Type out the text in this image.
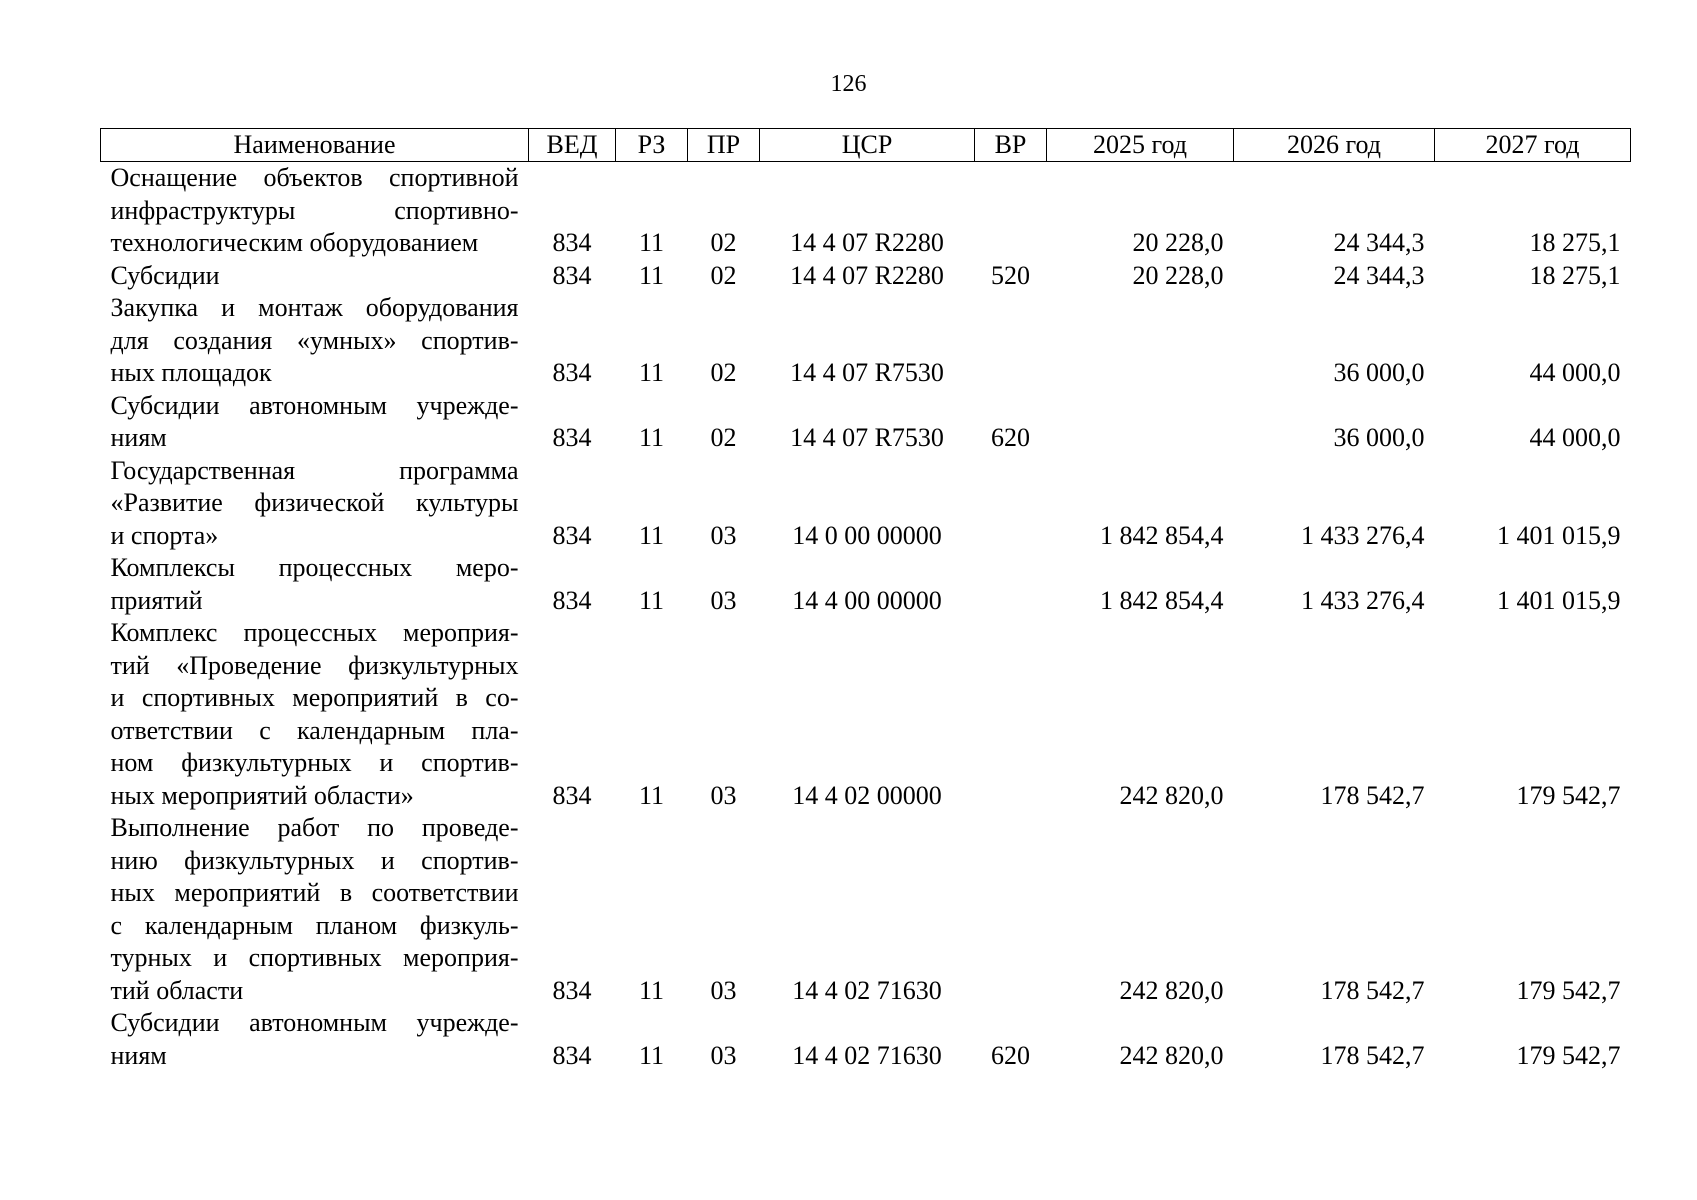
126
Наименование	ВЕД	РЗ	ПР	ЦСР	ВР	2025 год	2026 год	2027 год
Оснащение объектов спортивной								
инфраструктуры спортивно-								
технологическим оборудованием	834	11	02	14 4 07 R2280		20 228,0	24 344,3	18 275,1
Субсидии	834	11	02	14 4 07 R2280	520	20 228,0	24 344,3	18 275,1
Закупка и монтаж оборудования								
для создания «умных» спортив-								
ных площадок	834	11	02	14 4 07 R7530			36 000,0	44 000,0
Субсидии автономным учрежде-								
ниям	834	11	02	14 4 07 R7530	620		36 000,0	44 000,0
Государственная программа								
«Развитие физической культуры								
и спорта»	834	11	03	14 0 00 00000		1 842 854,4	1 433 276,4	1 401 015,9
Комплексы процессных меро-								
приятий	834	11	03	14 4 00 00000		1 842 854,4	1 433 276,4	1 401 015,9
Комплекс процессных мероприя-								
тий «Проведение физкультурных								
и спортивных мероприятий в со-								
ответствии с календарным пла-								
ном физкультурных и спортив-								
ных мероприятий области»	834	11	03	14 4 02 00000		242 820,0	178 542,7	179 542,7
Выполнение работ по проведе-								
нию физкультурных и спортив-								
ных мероприятий в соответствии								
с календарным планом физкуль-								
турных и спортивных мероприя-								
тий области	834	11	03	14 4 02 71630		242 820,0	178 542,7	179 542,7
Субсидии автономным учрежде-								
ниям	834	11	03	14 4 02 71630	620	242 820,0	178 542,7	179 542,7
